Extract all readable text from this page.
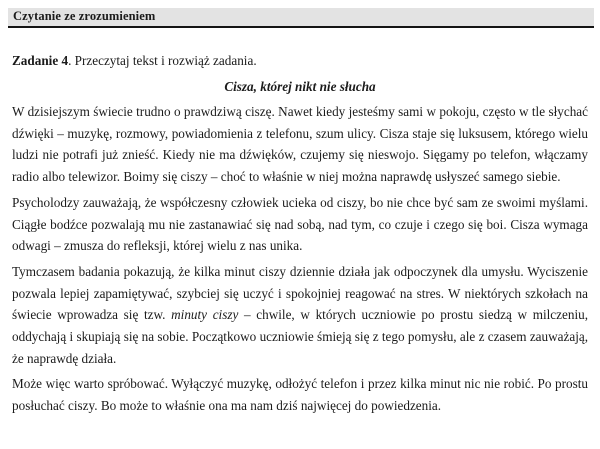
Czytanie ze zrozumieniem

Zadanie 4. Przeczytaj tekst i rozwiąż zadania.

Cisza, której nikt nie słucha

W dzisiejszym świecie trudno o prawdziwą ciszę. Nawet kiedy jesteśmy sami w pokoju, często w tle słychać dźwięki – muzykę, rozmowy, powiadomienia z telefonu, szum ulicy. Cisza staje się luksusem, którego wielu ludzi nie potrafi już znieść. Kiedy nie ma dźwięków, czujemy się nieswojo. Sięgamy po telefon, włączamy radio albo telewizor. Boimy się ciszy – choć to właśnie w niej można naprawdę usłyszeć samego siebie.

Psycholodzy zauważają, że współczesny człowiek ucieka od ciszy, bo nie chce być sam ze swoimi myślami. Ciągłe bodźce pozwalają mu nie zastanawiać się nad sobą, nad tym, co czuje i czego się boi. Cisza wymaga odwagi – zmusza do refleksji, której wielu z nas unika.

Tymczasem badania pokazują, że kilka minut ciszy dziennie działa jak odpoczynek dla umysłu. Wyciszenie pozwala lepiej zapamiętywać, szybciej się uczyć i spokojniej reagować na stres. W niektórych szkołach na świecie wprowadza się tzw. minuty ciszy – chwile, w których uczniowie po prostu siedzą w milczeniu, oddychają i skupiają się na sobie. Początkowo uczniowie śmieją się z tego pomysłu, ale z czasem zauważają, że naprawdę działa.

Może więc warto spróbować. Wyłączyć muzykę, odłożyć telefon i przez kilka minut nic nie robić. Po prostu posłuchać ciszy. Bo może to właśnie ona ma nam dziś najwięcej do powiedzenia.
